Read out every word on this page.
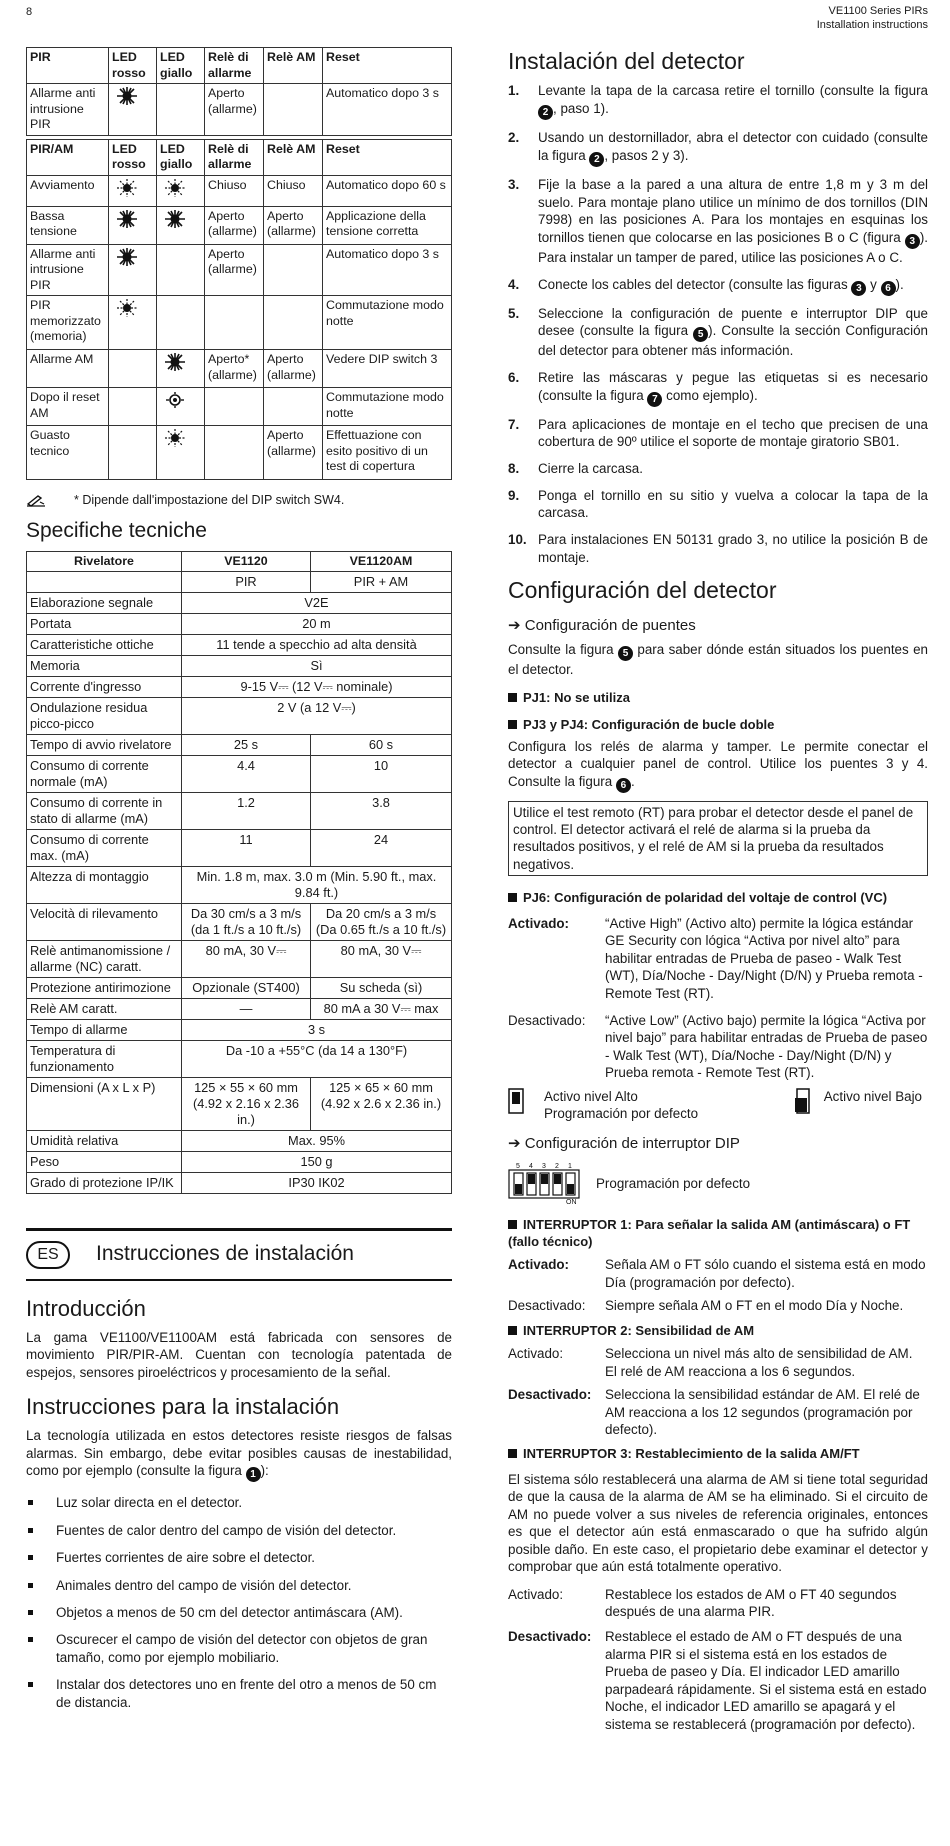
8	VE1100 Series PIRs
Installation instructions
PIR	LED rosso	LED giallo	Relè di allarme	Relè AM	Reset
Allarme anti intrusione PIR			Aperto (allarme)		Automatico dopo 3 s
PIR/AM	LED rosso	LED giallo	Relè di allarme	Relè AM	Reset
Avviamento			Chiuso	Chiuso	Automatico dopo 60 s
Bassa tensione			Aperto (allarme)	Aperto (allarme)	Applicazione della tensione corretta
Allarme anti intrusione PIR			Aperto (allarme)		Automatico dopo 3 s
PIR memorizzato (memoria)					Commutazione modo notte
Allarme AM			Aperto* (allarme)	Aperto (allarme)	Vedere DIP switch 3
Dopo il reset AM					Commutazione modo notte
Guasto tecnico				Aperto (allarme)	Effettuazione con esito positivo di un test di copertura
* Dipende dall'impostazione del DIP switch SW4.
Specifiche tecniche
Rivelatore	VE1120	VE1120AM
	PIR	PIR + AM
Elaborazione segnale	V2E	
Portata	20 m	
Caratteristiche ottiche	11 tende a specchio ad alta densità	
Memoria	Sì	
Corrente d'ingresso	9-15 V⎓ (12 V⎓ nominale)	
Ondulazione residua picco-picco	2 V (a 12 V⎓)	
Tempo di avvio rivelatore	25 s	60 s
Consumo di corrente normale (mA)	4.4	10
Consumo di corrente in stato di allarme (mA)	1.2	3.8
Consumo di corrente max. (mA)	11	24
Altezza di montaggio	Min. 1.8 m, max. 3.0 m (Min. 5.90 ft., max. 9.84 ft.)	
Velocità di rilevamento	Da 30 cm/s a 3 m/s (da 1 ft./s a 10 ft./s)	Da 20 cm/s a 3 m/s (Da 0.65 ft./s a 10 ft./s)
Relè antimanomissione / allarme (NC) caratt.	80 mA, 30 V⎓	80 mA, 30 V⎓
Protezione antirimozione	Opzionale (ST400)	Su scheda (sì)
Relè AM caratt.	—	80 mA a 30 V⎓ max
Tempo di allarme	3 s	
Temperatura di funzionamento	Da -10 a +55°C (da 14 a 130°F)	
Dimensioni (A x L x P)	125 × 55 × 60 mm (4.92 x 2.16 x 2.36 in.)	125 × 65 × 60 mm (4.92 x 2.6 x 2.36 in.)
Umidità relativa	Max. 95%	
Peso	150 g	
Grado di protezione IP/IK	IP30 IK02	
ES	Instrucciones de instalación
Introducción

La gama VE1100/VE1100AM está fabricada con sensores de movimiento PIR/PIR-AM. Cuentan con tecnología patentada de espejos, sensores piroeléctricos y procesamiento de la señal.

Instrucciones para la instalación

La tecnología utilizada en estos detectores resiste riesgos de falsas alarmas. Sin embargo, debe evitar posibles causas de inestabilidad, como por ejemplo (consulte la figura 1 ):

Luz solar directa en el detector.
Fuentes de calor dentro del campo de visión del detector.
Fuertes corrientes de aire sobre el detector.
Animales dentro del campo de visión del detector.
Objetos a menos de 50 cm del detector antimáscara (AM).
Oscurecer el campo de visión del detector con objetos de gran tamaño, como por ejemplo mobiliario.
Instalar dos detectores uno en frente del otro a menos de 50 cm de distancia.
Instalación del detector
1.	Levante la tapa de la carcasa retire el tornillo (consulte la figura 2 , paso 1).
2.	Usando un destornillador, abra el detector con cuidado (consulte la figura 2 , pasos 2 y 3).
3.	Fije la base a la pared a una altura de entre 1,8 m y 3 m del suelo. Para montaje plano utilice un mínimo de dos tornillos (DIN 7998) en las posiciones A. Para los montajes en esquinas los tornillos tienen que colocarse en las posiciones B o C (figura 3 ). Para instalar un tamper de pared, utilice las posiciones A o C.
4.	Conecte los cables del detector (consulte las figuras 3 y 6 ).
5.	Seleccione la configuración de puente e interruptor DIP que desee (consulte la figura 5 ). Consulte la sección Configuración del detector para obtener más información.
6.	Retire las máscaras y pegue las etiquetas si es necesario (consulte la figura 7 como ejemplo).
7.	Para aplicaciones de montaje en el techo que precisen de una cobertura de 90º utilice el soporte de montaje giratorio SB01.
8.	Cierre la carcasa.
9.	Ponga el tornillo en su sitio y vuelva a colocar la tapa de la carcasa.
10. Para instalaciones EN 50131 grado 3, no utilice la posición B de montaje.
Configuración del detector
➔ Configuración de puentes

Consulte la figura 5 para saber dónde están situados los puentes en el detector.

PJ1: No se utiliza
PJ3 y PJ4: Configuración de bucle doble

Configura los relés de alarma y tamper. Le permite conectar el detector a cualquier panel de control. Utilice los puentes 3 y 4. Consulte la figura 6 .

Utilice el test remoto (RT) para probar el detector desde el panel de control. El detector activará el relé de alarma si la prueba da resultados positivos, y el relé de AM si la prueba da resultados negativos.
PJ6: Configuración de polaridad del voltaje de control (VC)
Activado:	“Active High” (Activo alto) permite la lógica estándar GE Security con lógica “Activa por nivel alto” para habilitar entradas de Prueba de paseo - Walk Test (WT), Día/Noche - Day/Night (D/N) y Prueba remota - Remote Test (RT).
Desactivado:	“Active Low” (Activo bajo) permite la lógica “Activa por nivel bajo” para habilitar entradas de Prueba de paseo - Walk Test (WT), Día/Noche - Day/Night (D/N) y Prueba remota - Remote Test (RT).
Activo nivel Alto
Programación por defecto
Activo nivel Bajo
➔ Configuración de interruptor DIP
5 4 3 2 1
ON
Programación por defecto
INTERRUPTOR 1: Para señalar la salida AM (antimáscara) o FT (fallo técnico)
Activado:	Señala AM o FT sólo cuando el sistema está en modo Día (programación por defecto).
Desactivado:	Siempre señala AM o FT en el modo Día y Noche.
INTERRUPTOR 2: Sensibilidad de AM
Activado:	Selecciona un nivel más alto de sensibilidad de AM. El relé de AM reacciona a los 6 segundos.
Desactivado:	Selecciona la sensibilidad estándar de AM. El relé de AM reacciona a los 12 segundos (programación por defecto).
INTERRUPTOR 3: Restablecimiento de la salida AM/FT

El sistema sólo restablecerá una alarma de AM si tiene total seguridad de que la causa de la alarma de AM se ha eliminado. Si el circuito de AM no puede volver a sus niveles de referencia originales, entonces es que el detector aún está enmascarado o que ha sufrido algún posible daño. En este caso, el propietario debe examinar el detector y comprobar que aún está totalmente operativo.

Activado:	Restablece los estados de AM o FT 40 segundos después de una alarma PIR.
Desactivado:	Restablece el estado de AM o FT después de una alarma PIR si el sistema está en los estados de Prueba de paseo y Día. El indicador LED amarillo parpadeará rápidamente. Si el sistema está en estado Noche, el indicador LED amarillo se apagará y el sistema se restablecerá (programación por defecto).
